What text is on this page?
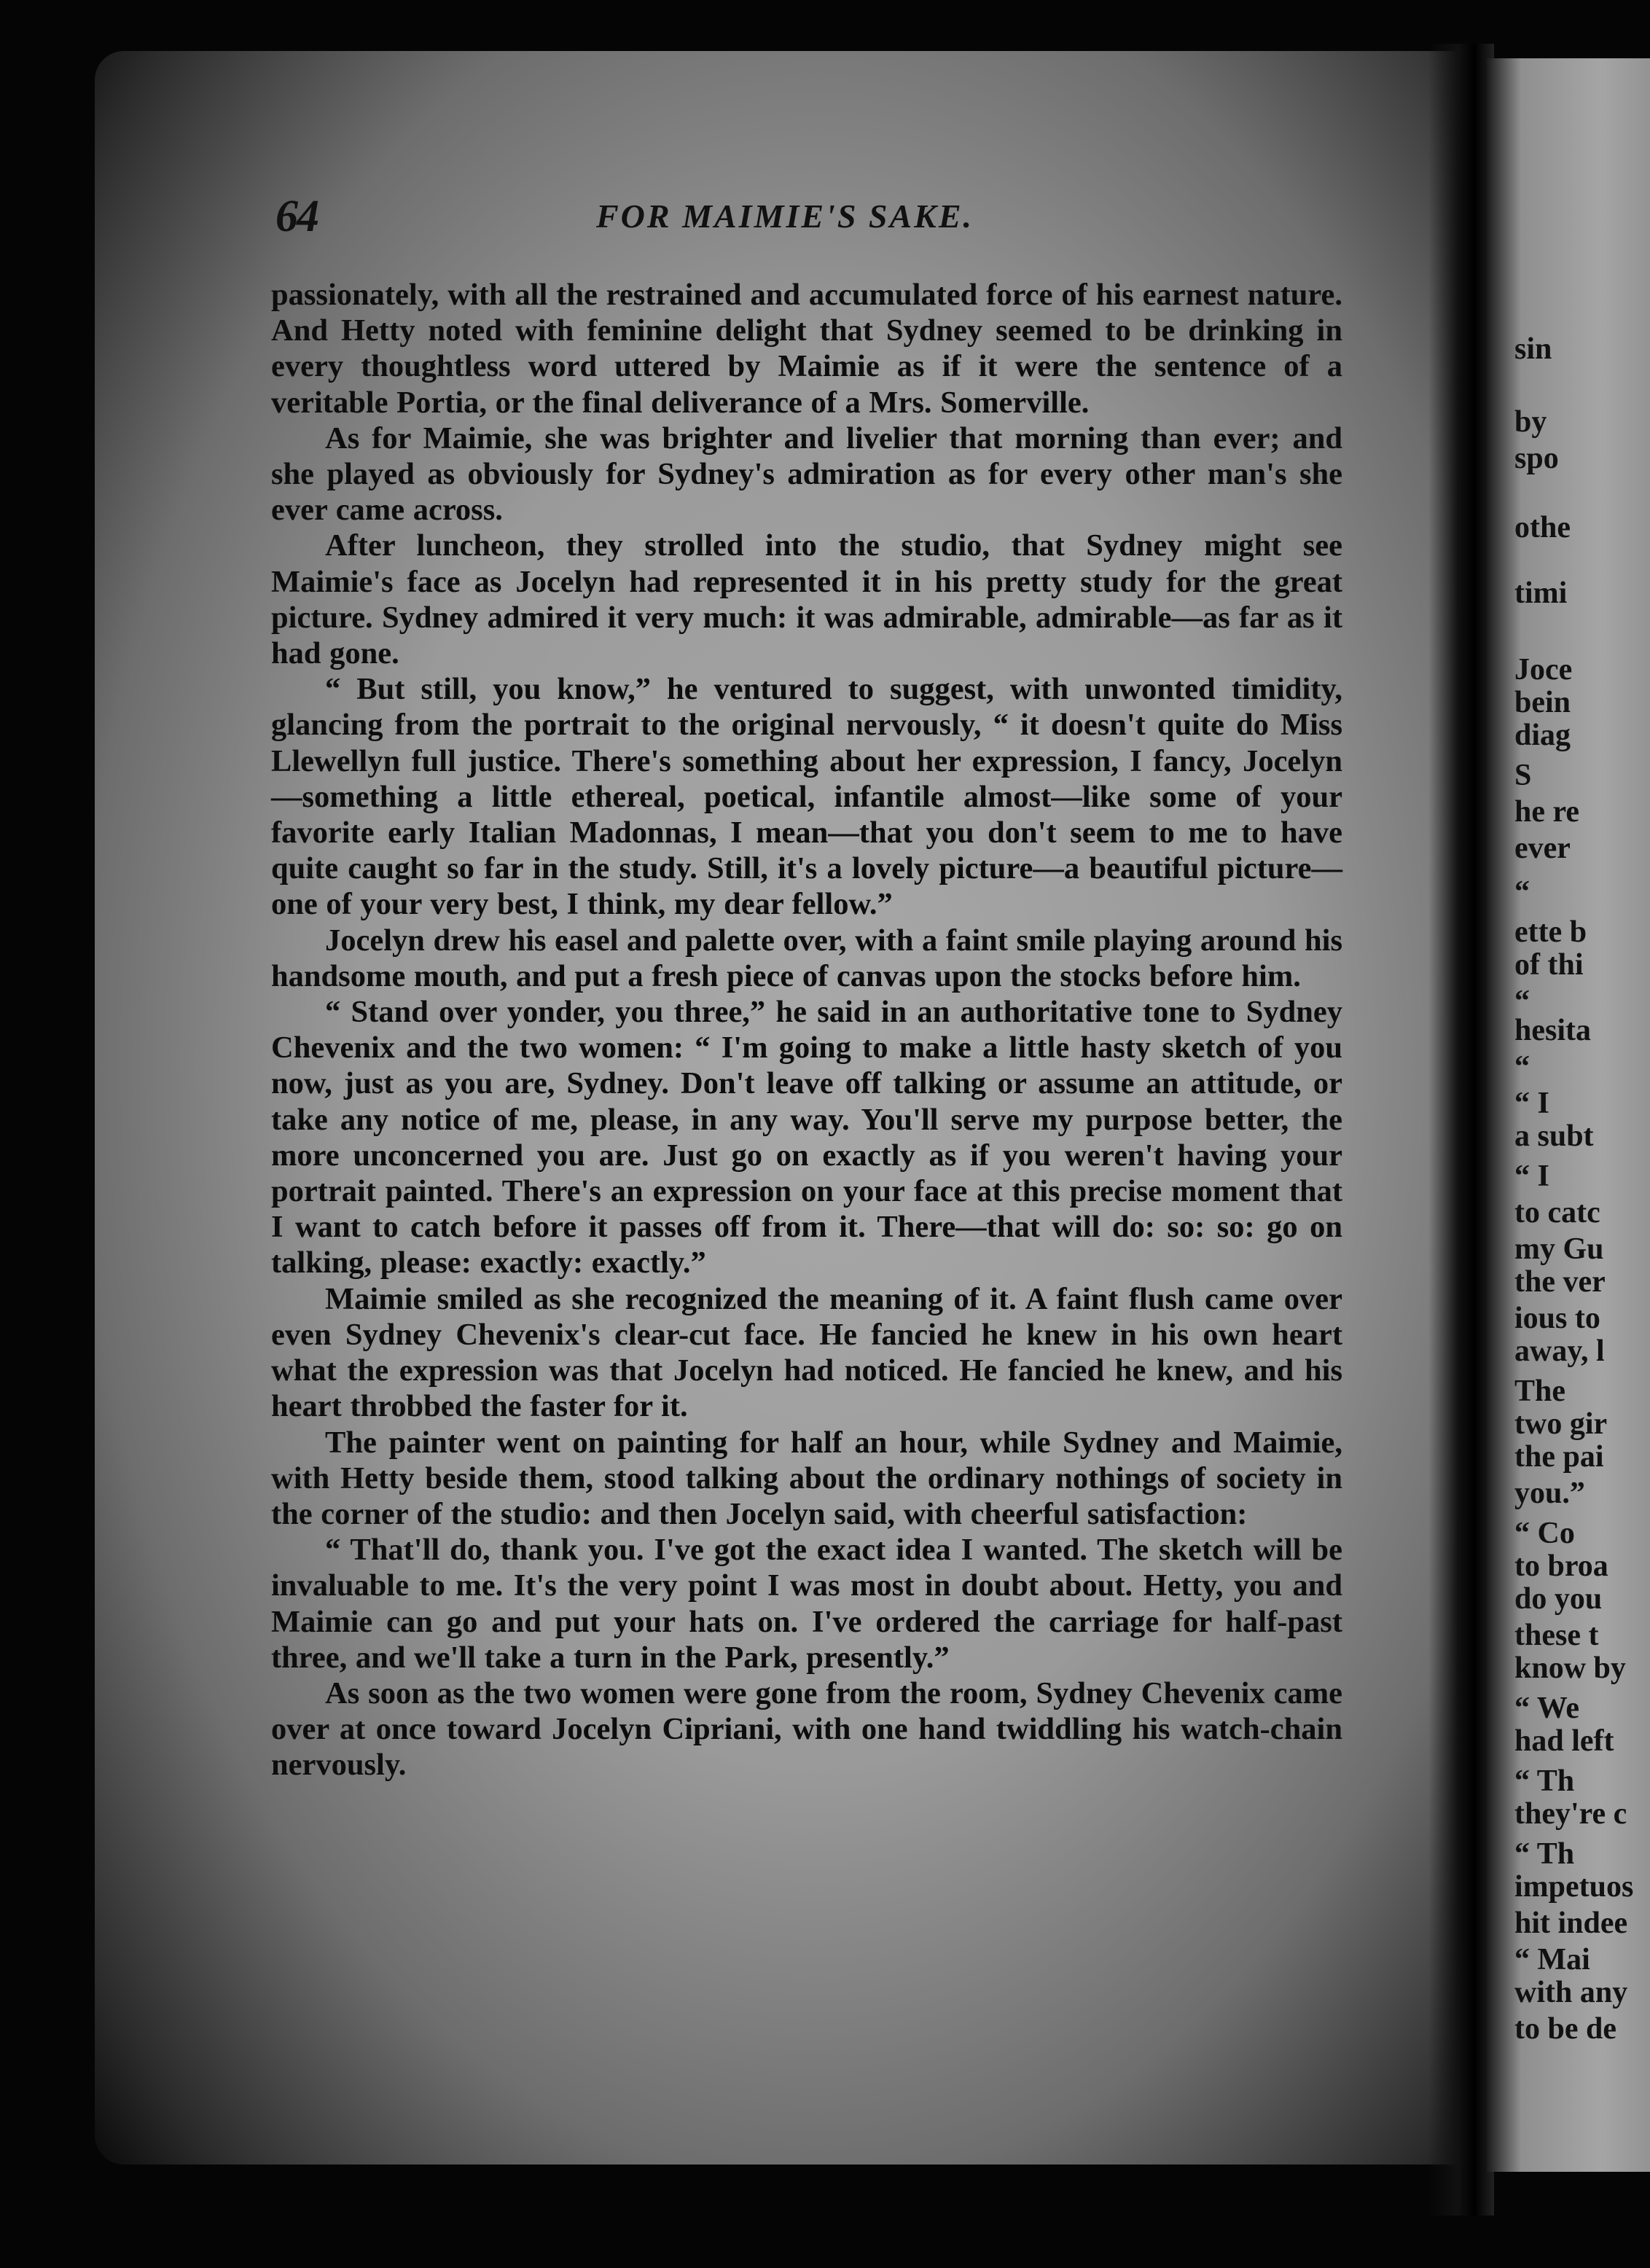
64	FOR MAIMIE'S SAKE.

passionately, with all the restrained and accumulated force of his earnest nature. And Hetty noted with feminine delight that Sydney seemed to be drinking in every thoughtless word uttered by Maimie as if it were the sentence of a veritable Portia, or the final deliverance of a Mrs. Somerville.

As for Maimie, she was brighter and livelier that morning than ever; and she played as obviously for Sydney's admiration as for every other man's she ever came across.

After luncheon, they strolled into the studio, that Sydney might see Maimie's face as Jocelyn had represented it in his pretty study for the great picture. Sydney admired it very much: it was admirable, admirable—as far as it had gone.

“ But still, you know,” he ventured to suggest, with unwonted timidity, glancing from the portrait to the original nervously, “ it doesn't quite do Miss Llewellyn full justice. There's something about her expression, I fancy, Jocelyn—something a little ethereal, poetical, infantile almost—like some of your favorite early Italian Madonnas, I mean—that you don't seem to me to have quite caught so far in the study. Still, it's a lovely picture—a beautiful picture—one of your very best, I think, my dear fellow.”

Jocelyn drew his easel and palette over, with a faint smile playing around his handsome mouth, and put a fresh piece of canvas upon the stocks before him.

“ Stand over yonder, you three,” he said in an authoritative tone to Sydney Chevenix and the two women: “ I'm going to make a little hasty sketch of you now, just as you are, Sydney. Don't leave off talking or assume an attitude, or take any notice of me, please, in any way. You'll serve my purpose better, the more unconcerned you are. Just go on exactly as if you weren't having your portrait painted. There's an expression on your face at this precise moment that I want to catch before it passes off from it. There—that will do: so: so: go on talking, please: exactly: exactly.”

Maimie smiled as she recognized the meaning of it. A faint flush came over even Sydney Chevenix's clear-cut face. He fancied he knew in his own heart what the expression was that Jocelyn had noticed. He fancied he knew, and his heart throbbed the faster for it.

The painter went on painting for half an hour, while Sydney and Maimie, with Hetty beside them, stood talking about the ordinary nothings of society in the corner of the studio: and then Jocelyn said, with cheerful satisfaction:

“ That'll do, thank you. I've got the exact idea I wanted. The sketch will be invaluable to me. It's the very point I was most in doubt about. Hetty, you and Maimie can go and put your hats on. I've ordered the carriage for half-past three, and we'll take a turn in the Park, presently.”

As soon as the two women were gone from the room, Sydney Chevenix came over at once toward Jocelyn Cipriani, with one hand twiddling his watch-chain nervously.

sin
by
spo
othe
timi
Joce
bein
diag
S
he re
ever
“
ette b
of thi
“
hesita
“
“ I
a subt
“ I
to catc
my Gu
the ver
ious to
away, l
The
two gir
the pai
you.”
“ Co
to broa
do you
these t
know by
“ We
had left
“ Th
they're c
“ Th
impetuos
hit indee
“ Mai
with any
to be de
